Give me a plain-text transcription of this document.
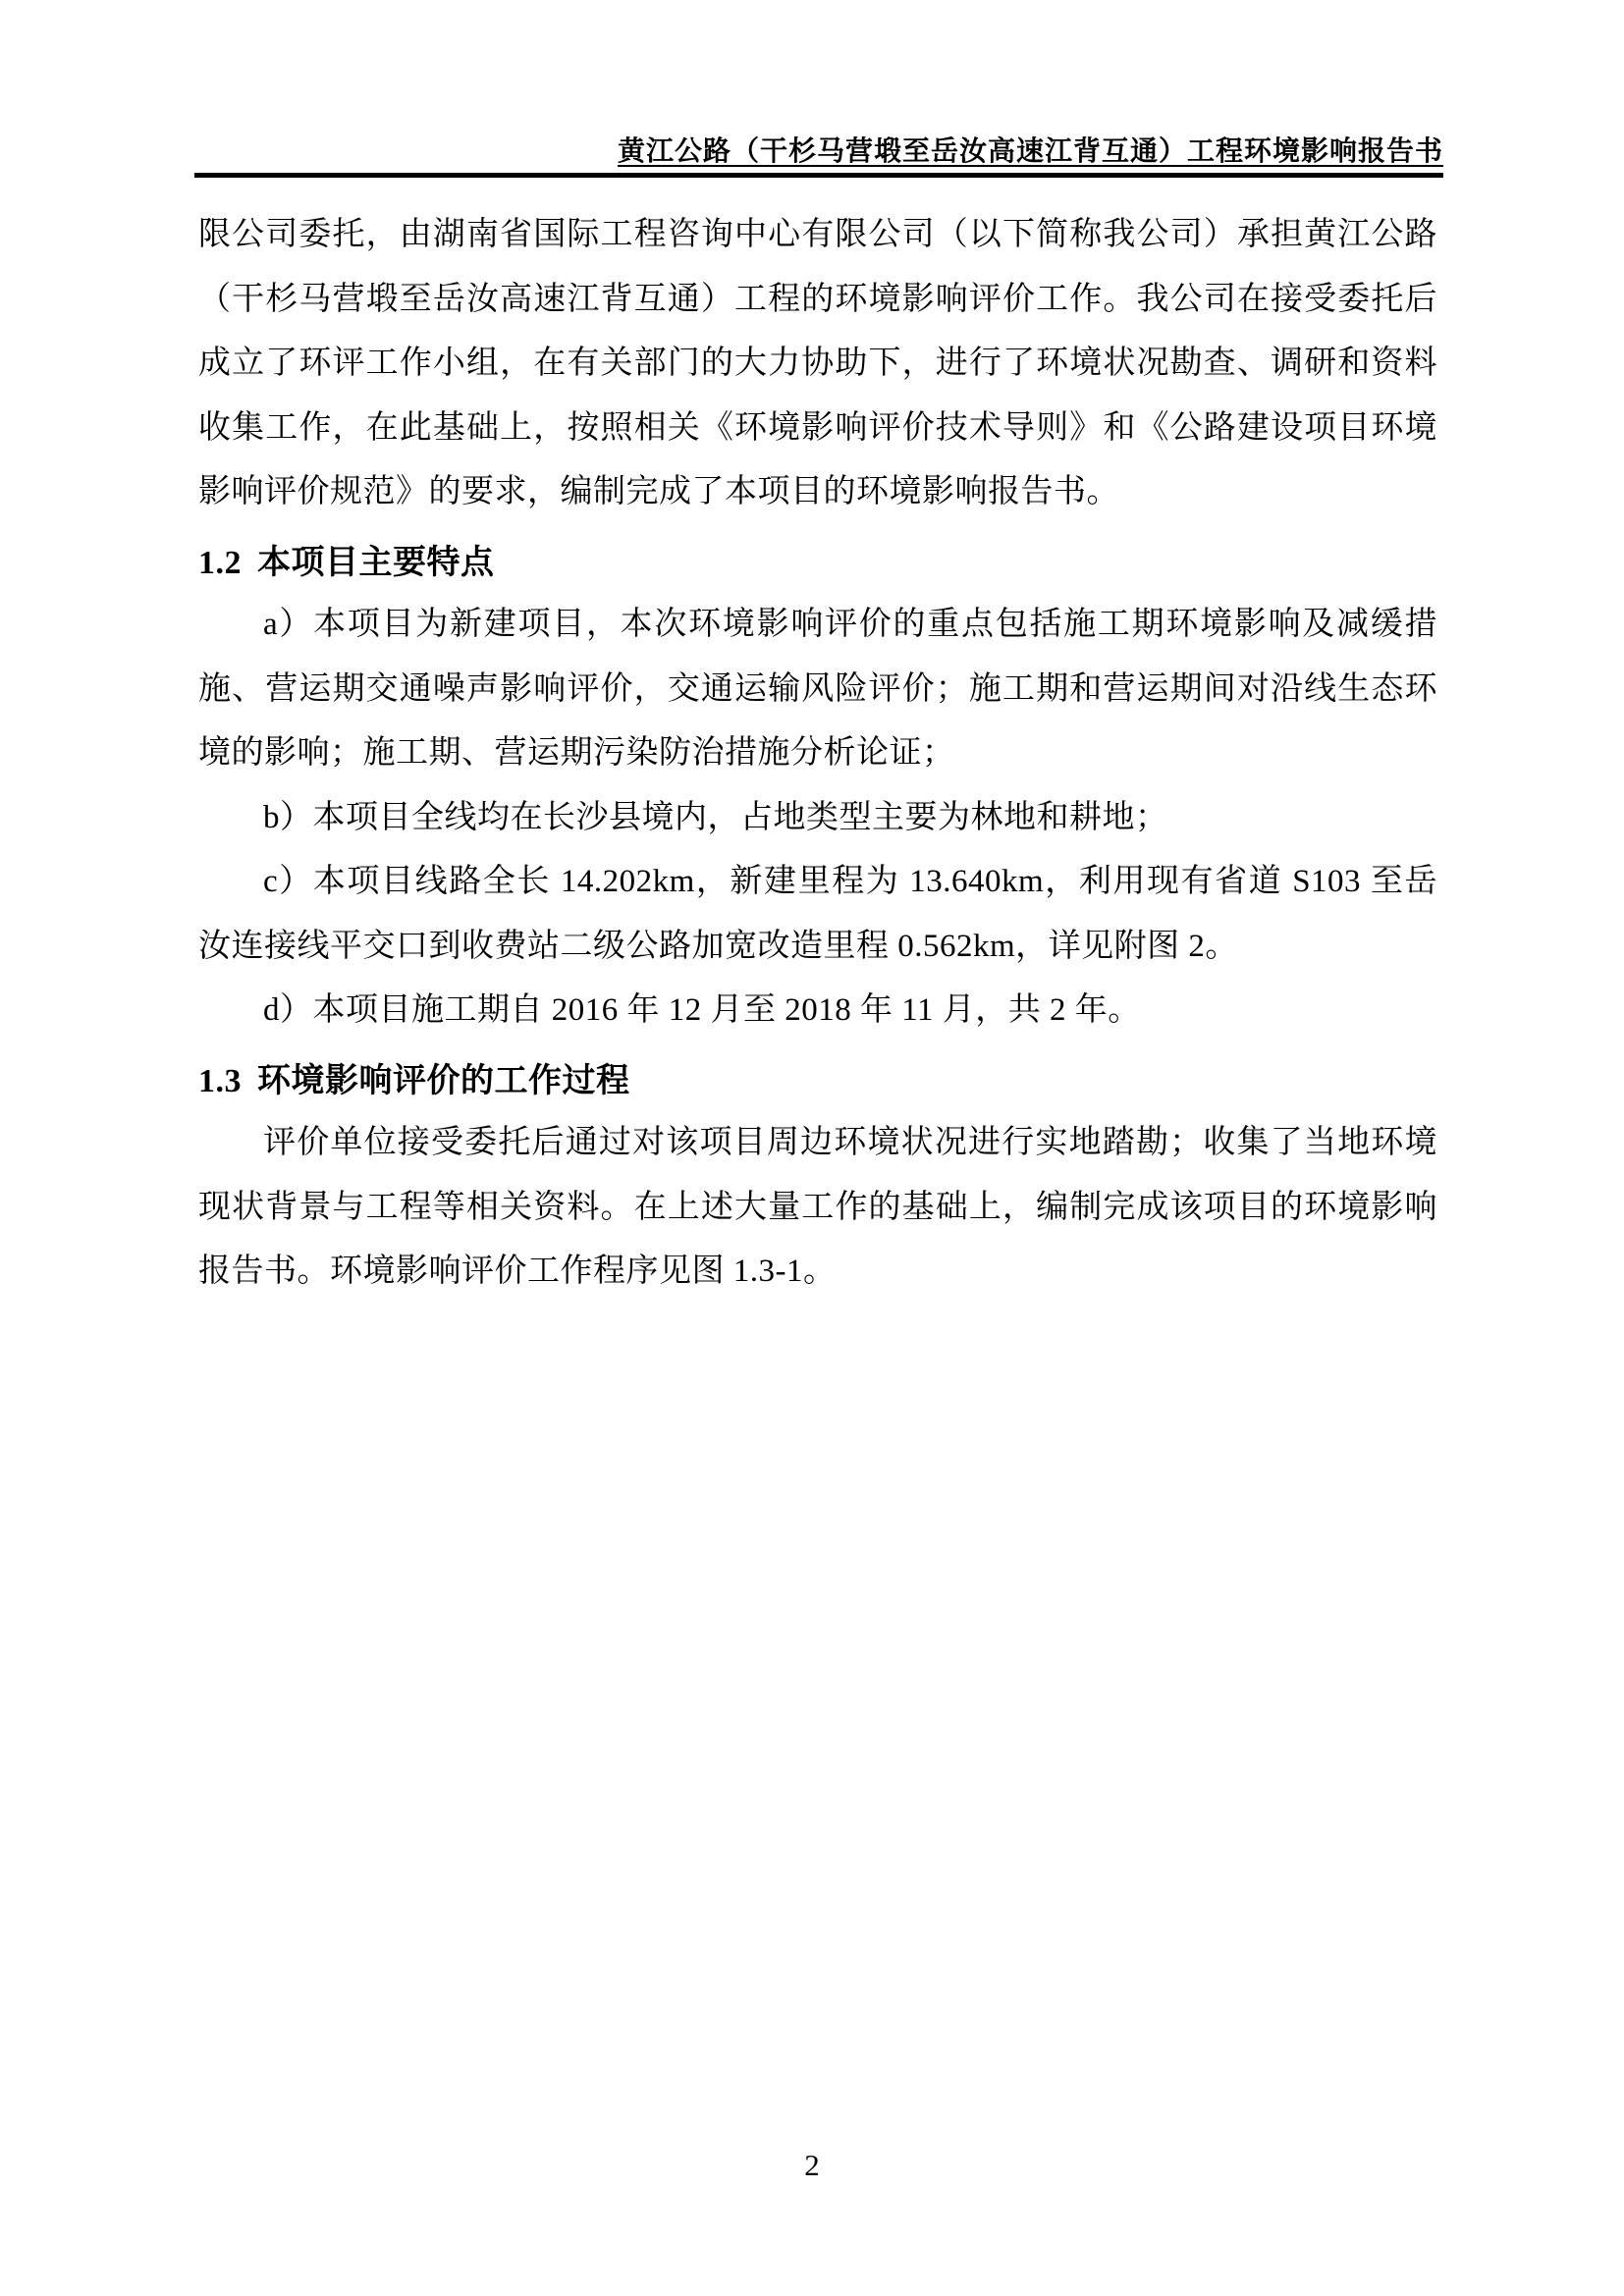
黄江公路（干杉马营塅至岳汝高速江背互通）工程环境影响报告书

限公司委托，由湖南省国际工程咨询中心有限公司（以下简称我公司）承担黄江公路（干杉马营塅至岳汝高速江背互通）工程的环境影响评价工作。我公司在接受委托后成立了环评工作小组，在有关部门的大力协助下，进行了环境状况勘查、调研和资料收集工作，在此基础上，按照相关《环境影响评价技术导则》和《公路建设项目环境影响评价规范》的要求，编制完成了本项目的环境影响报告书。

1.2 本项目主要特点

a）本项目为新建项目，本次环境影响评价的重点包括施工期环境影响及减缓措施、营运期交通噪声影响评价，交通运输风险评价；施工期和营运期间对沿线生态环境的影响；施工期、营运期污染防治措施分析论证；

b）本项目全线均在长沙县境内，占地类型主要为林地和耕地；

c）本项目线路全长 14.202km，新建里程为 13.640km，利用现有省道 S103 至岳汝连接线平交口到收费站二级公路加宽改造里程 0.562km，详见附图 2。

d）本项目施工期自 2016 年 12 月至 2018 年 11 月，共 2 年。

1.3 环境影响评价的工作过程

评价单位接受委托后通过对该项目周边环境状况进行实地踏勘；收集了当地环境现状背景与工程等相关资料。在上述大量工作的基础上，编制完成该项目的环境影响报告书。环境影响评价工作程序见图 1.3-1。

2
